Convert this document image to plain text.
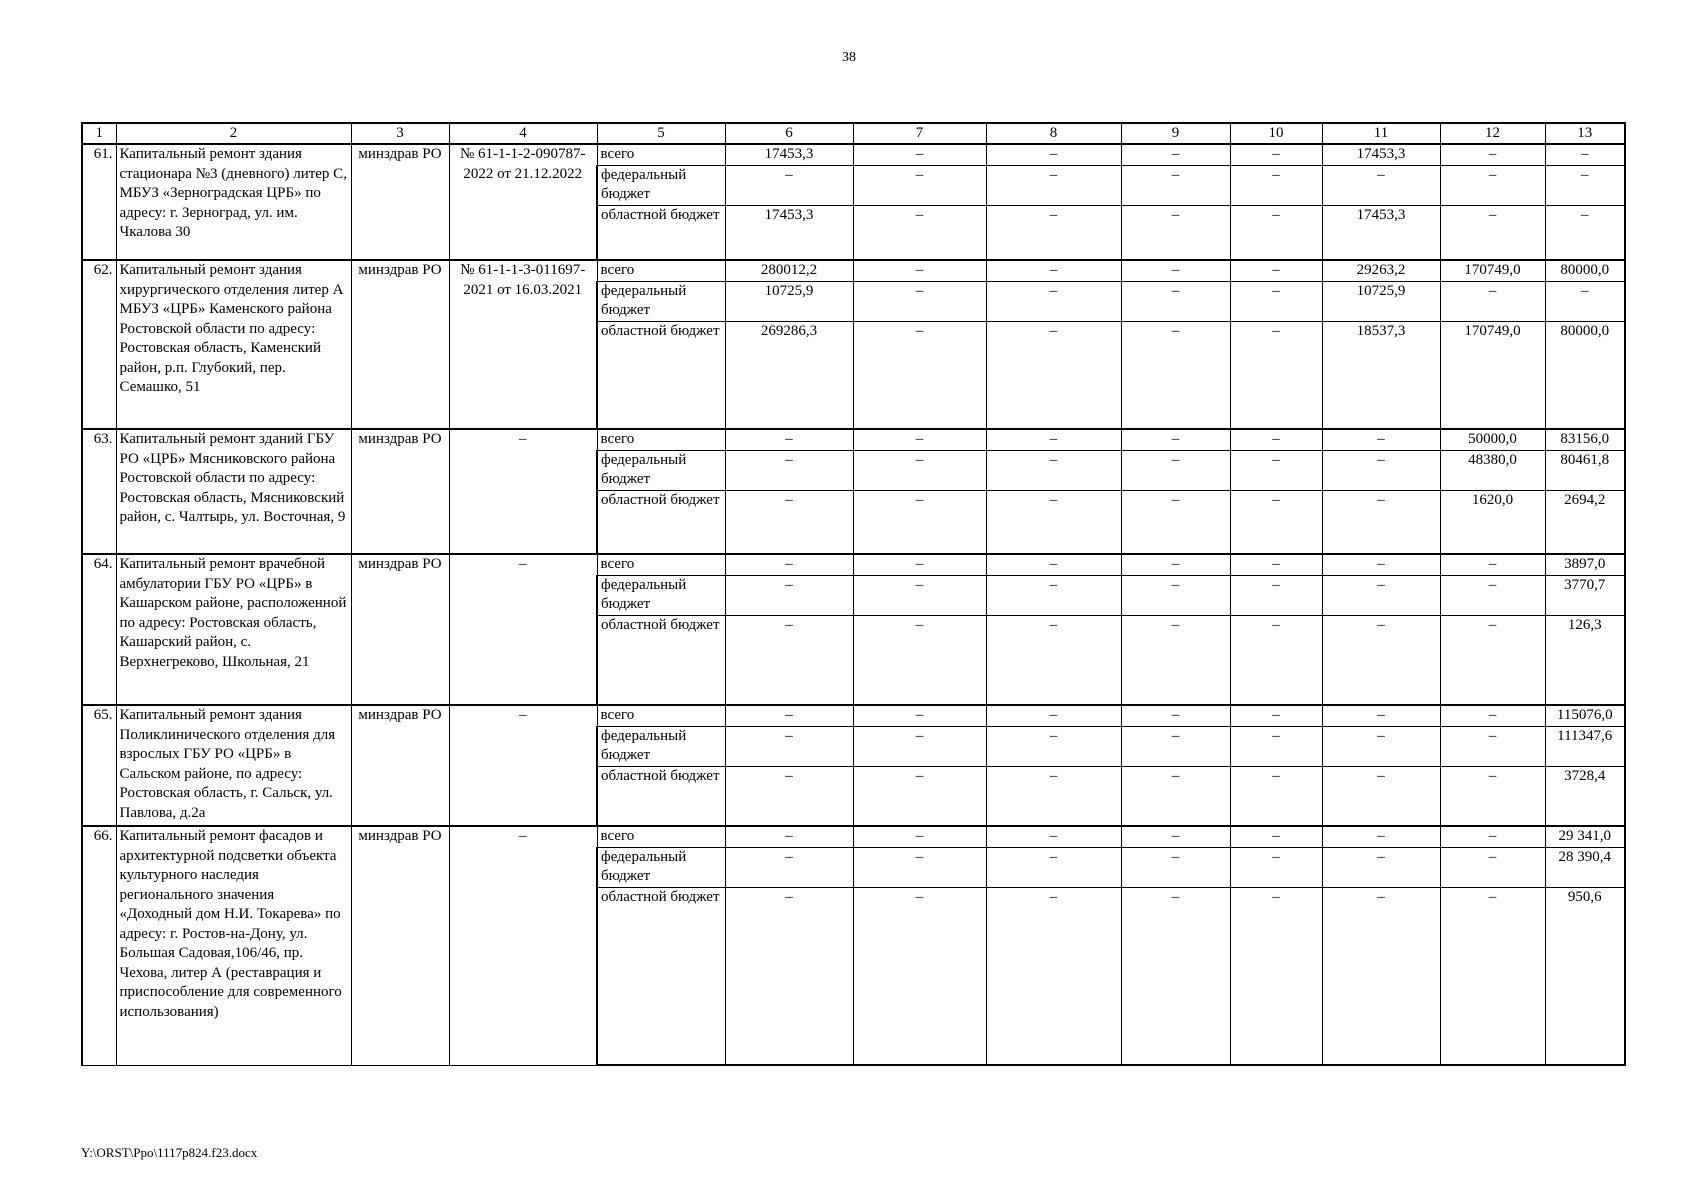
38
1	2	3	4	5	6	7	8	9	10	11	12	13
61.	Капитальный ремонт здания стационара №3 (дневного) литер С, МБУЗ «Зерноградская ЦРБ» по адресу: г. Зерноград, ул. им. Чкалова 30	минздрав РО	№ 61-1-1-2-090787-2022 от 21.12.2022	всего	17453,3	–	–	–	–	17453,3	–	–
				федеральный бюджет	–	–	–	–	–	–	–	–
				областной бюджет	17453,3	–	–	–	–	17453,3	–	–
62.	Капитальный ремонт здания хирургического отделения литер А МБУЗ «ЦРБ» Каменского района Ростовской области по адресу: Ростовская область, Каменский район, р.п. Глубокий, пер. Семашко, 51	минздрав РО	№ 61-1-1-3-011697-2021 от 16.03.2021	всего	280012,2	–	–	–	–	29263,2	170749,0	80000,0
				федеральный бюджет	10725,9	–	–	–	–	10725,9	–	–
				областной бюджет	269286,3	–	–	–	–	18537,3	170749,0	80000,0
63.	Капитальный ремонт зданий ГБУ РО «ЦРБ» Мясниковского района Ростовской области по адресу: Ростовская область, Мясниковский район, с. Чалтырь, ул. Восточная, 9	минздрав РО	–	всего	–	–	–	–	–	–	50000,0	83156,0
				федеральный бюджет	–	–	–	–	–	–	48380,0	80461,8
				областной бюджет	–	–	–	–	–	–	1620,0	2694,2
64.	Капитальный ремонт врачебной амбулатории ГБУ РО «ЦРБ» в Кашарском районе, расположенной по адресу: Ростовская область, Кашарский район, с. Верхнегреково, Школьная, 21	минздрав РО	–	всего	–	–	–	–	–	–	–	3897,0
				федеральный бюджет	–	–	–	–	–	–	–	3770,7
				областной бюджет	–	–	–	–	–	–	–	126,3
65.	Капитальный ремонт здания Поликлинического отделения для взрослых ГБУ РО «ЦРБ» в Сальском районе, по адресу: Ростовская область, г. Сальск, ул. Павлова, д.2а	минздрав РО	–	всего	–	–	–	–	–	–	–	115076,0
				федеральный бюджет	–	–	–	–	–	–	–	111347,6
				областной бюджет	–	–	–	–	–	–	–	3728,4
66.	Капитальный ремонт фасадов и архитектурной подсветки объекта культурного наследия регионального значения «Доходный дом Н.И. Токарева» по адресу: г. Ростов-на-Дону, ул. Большая Садовая,106/46, пр. Чехова, литер А (реставрация и приспособление для современного использования)	минздрав РО	–	всего	–	–	–	–	–	–	–	29 341,0
				федеральный бюджет	–	–	–	–	–	–	–	28 390,4
				областной бюджет	–	–	–	–	–	–	–	950,6
Y:\ORST\Ppo\1117p824.f23.docx
